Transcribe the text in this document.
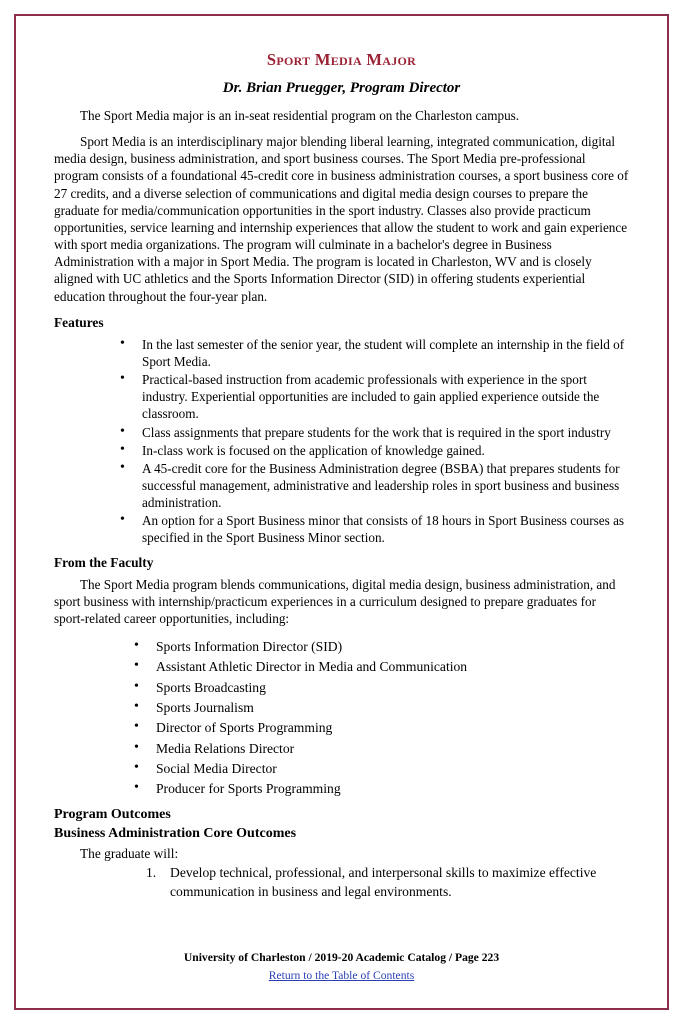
Sport Media Major
Dr. Brian Pruegger, Program Director

The Sport Media major is an in-seat residential program on the Charleston campus.

Sport Media is an interdisciplinary major blending liberal learning, integrated communication, digital media design, business administration, and sport business courses. The Sport Media pre-professional program consists of a foundational 45-credit core in business administration courses, a sport business core of 27 credits, and a diverse selection of communications and digital media design courses to prepare the graduate for media/communication opportunities in the sport industry. Classes also provide practicum opportunities, service learning and internship experiences that allow the student to work and gain experience with sport media organizations. The program will culminate in a bachelor's degree in Business Administration with a major in Sport Media. The program is located in Charleston, WV and is closely aligned with UC athletics and the Sports Information Director (SID) in offering students experiential education throughout the four-year plan.

Features
• In the last semester of the senior year, the student will complete an internship in the field of Sport Media.
• Practical-based instruction from academic professionals with experience in the sport industry. Experiential opportunities are included to gain applied experience outside the classroom.
• Class assignments that prepare students for the work that is required in the sport industry
• In-class work is focused on the application of knowledge gained.
• A 45-credit core for the Business Administration degree (BSBA) that prepares students for successful management, administrative and leadership roles in sport business and business administration.
• An option for a Sport Business minor that consists of 18 hours in Sport Business courses as specified in the Sport Business Minor section.
From the Faculty

The Sport Media program blends communications, digital media design, business administration, and sport business with internship/practicum experiences in a curriculum designed to prepare graduates for sport-related career opportunities, including:

• Sports Information Director (SID)
• Assistant Athletic Director in Media and Communication
• Sports Broadcasting
• Sports Journalism
• Director of Sports Programming
• Media Relations Director
• Social Media Director
• Producer for Sports Programming
Program Outcomes
Business Administration Core Outcomes

The graduate will:

Develop technical, professional, and interpersonal skills to maximize effective communication in business and legal environments.
University of Charleston / 2019-20 Academic Catalog / Page 223
Return to the Table of Contents
